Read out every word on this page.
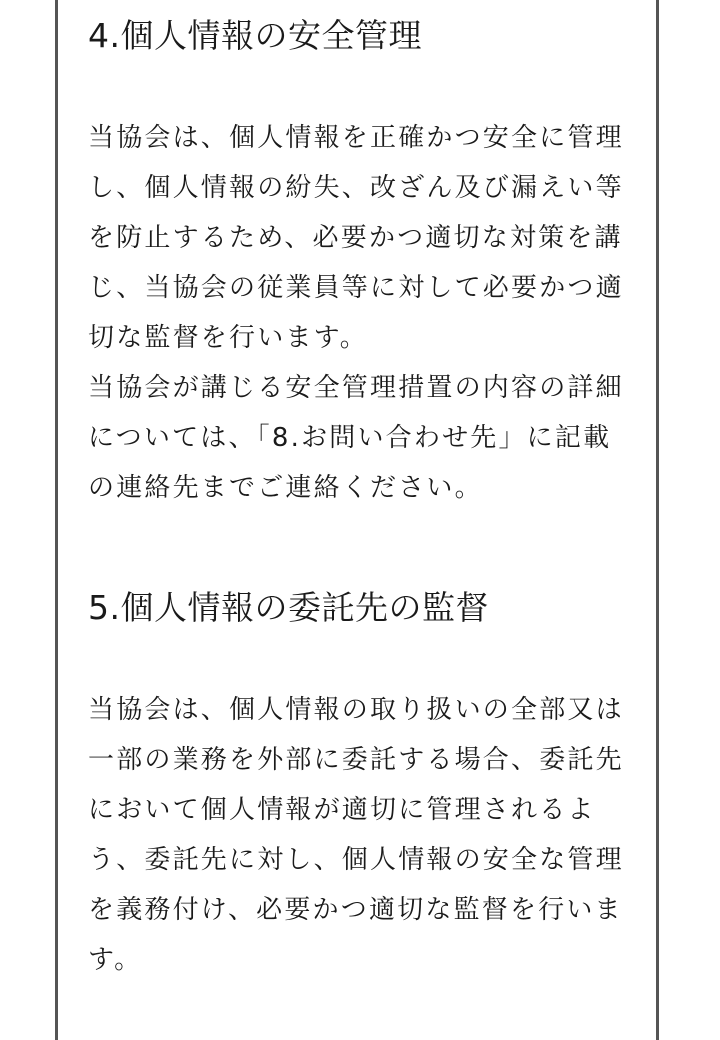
4.個人情報の安全管理

当協会は、個人情報を正確かつ安全に管理
し、個人情報の紛失、改ざん及び漏えい等
を防止するため、必要かつ適切な対策を講
じ、当協会の従業員等に対して必要かつ適
切な監督を行います。
当協会が講じる安全管理措置の内容の詳細
については、「8.お問い合わせ先」に記載
の連絡先までご連絡ください。

5.個人情報の委託先の監督

当協会は、個人情報の取り扱いの全部又は
一部の業務を外部に委託する場合、委託先
において個人情報が適切に管理されるよ
う、委託先に対し、個人情報の安全な管理
を義務付け、必要かつ適切な監督を行いま
す。
